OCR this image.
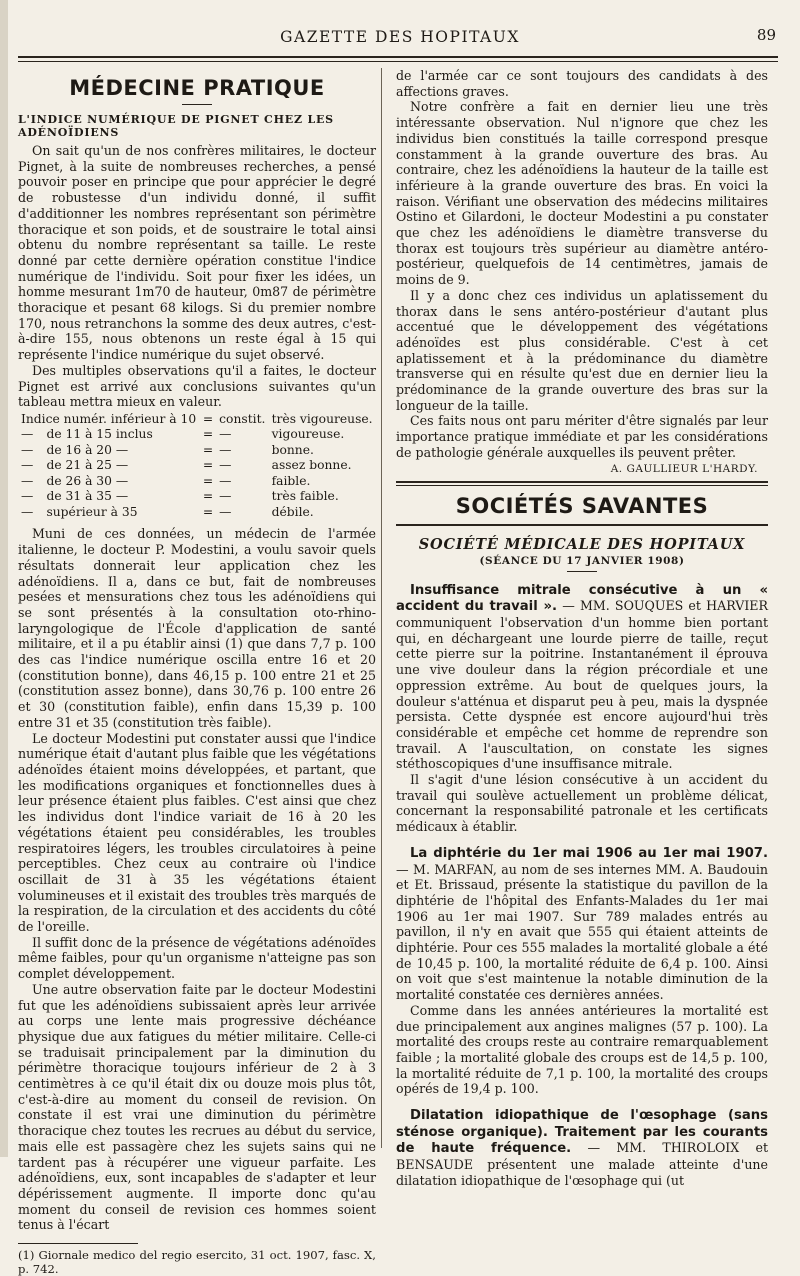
GAZETTE DES HOPITAUX	89
MÉDECINE PRATIQUE
L'INDICE NUMÉRIQUE DE PIGNET CHEZ LES ADÉNOÏDIENS

On sait qu'un de nos confrères militaires, le docteur Pignet, à la suite de nombreuses recherches, a pensé pouvoir poser en principe que pour apprécier le degré de robustesse d'un individu donné, il suffit d'additionner les nombres représentant son périmètre thoracique et son poids, et de soustraire le total ainsi obtenu du nombre représentant sa taille. Le reste donné par cette dernière opération constitue l'indice numérique de l'individu. Soit pour fixer les idées, un homme mesurant 1m70 de hauteur, 0m87 de périmètre thoracique et pesant 68 kilogs. Si du premier nombre 170, nous retranchons la somme des deux autres, c'est-à-dire 155, nous obtenons un reste égal à 15 qui représente l'indice numérique du sujet observé.

Des multiples observations qu'il a faites, le docteur Pignet est arrivé aux conclusions suivantes qu'un tableau mettra mieux en valeur.

Indice numér. inférieur à 10		=	constit.	très vigoureuse.
—	de 11 à 15 inclus	=	—	vigoureuse.
—	de 16 à 20 —	=	—	bonne.
—	de 21 à 25 —	=	—	assez bonne.
—	de 26 à 30 —	=	—	faible.
—	de 31 à 35 —	=	—	très faible.
—	supérieur à 35	=	—	débile.

Muni de ces données, un médecin de l'armée italienne, le docteur P. Modestini, a voulu savoir quels résultats donnerait leur application chez les adénoïdiens. Il a, dans ce but, fait de nombreuses pesées et mensurations chez tous les adénoïdiens qui se sont présentés à la consultation oto-rhino-laryngologique de l'École d'application de santé militaire, et il a pu établir ainsi (1) que dans 7,7 p. 100 des cas l'indice numérique oscilla entre 16 et 20 (constitution bonne), dans 46,15 p. 100 entre 21 et 25 (constitution assez bonne), dans 30,76 p. 100 entre 26 et 30 (constitution faible), enfin dans 15,39 p. 100 entre 31 et 35 (constitution très faible).

Le docteur Modestini put constater aussi que l'indice numérique était d'autant plus faible que les végétations adénoïdes étaient moins développées, et partant, que les modifications organiques et fonctionnelles dues à leur présence étaient plus faibles. C'est ainsi que chez les individus dont l'indice variait de 16 à 20 les végétations étaient peu considérables, les troubles respiratoires légers, les troubles circulatoires à peine perceptibles. Chez ceux au contraire où l'indice oscillait de 31 à 35 les végétations étaient volumineuses et il existait des troubles très marqués de la respiration, de la circulation et des accidents du côté de l'oreille.

Il suffit donc de la présence de végétations adénoïdes même faibles, pour qu'un organisme n'atteigne pas son complet développement.

Une autre observation faite par le docteur Modestini fut que les adénoïdiens subissaient après leur arrivée au corps une lente mais progressive déchéance physique due aux fatigues du métier militaire. Celle-ci se traduisait principalement par la diminution du périmètre thoracique toujours inférieur de 2 à 3 centimètres à ce qu'il était dix ou douze mois plus tôt, c'est-à-dire au moment du conseil de revision. On constate il est vrai une diminution du périmètre thoracique chez toutes les recrues au début du service, mais elle est passagère chez les sujets sains qui ne tardent pas à récupérer une vigueur parfaite. Les adénoïdiens, eux, sont incapables de s'adapter et leur dépérissement augmente. Il importe donc qu'au moment du conseil de revision ces hommes soient tenus à l'écart

(1) Giornale medico del regio esercito, 31 oct. 1907, fasc. X, p. 742.

de l'armée car ce sont toujours des candidats à des affections graves.

Notre confrère a fait en dernier lieu une très intéressante observation. Nul n'ignore que chez les individus bien constitués la taille correspond presque constamment à la grande ouverture des bras. Au contraire, chez les adénoïdiens la hauteur de la taille est inférieure à la grande ouverture des bras. En voici la raison. Vérifiant une observation des médecins militaires Ostino et Gilardoni, le docteur Modestini a pu constater que chez les adénoïdiens le diamètre transverse du thorax est toujours très supérieur au diamètre antéro-postérieur, quelquefois de 14 centimètres, jamais de moins de 9.

Il y a donc chez ces individus un aplatissement du thorax dans le sens antéro-postérieur d'autant plus accentué que le développement des végétations adénoïdes est plus considérable. C'est à cet aplatissement et à la prédominance du diamètre transverse qui en résulte qu'est due en dernier lieu la prédominance de la grande ouverture des bras sur la longueur de la taille.

Ces faits nous ont paru mériter d'être signalés par leur importance pratique immédiate et par les considérations de pathologie générale auxquelles ils peuvent prêter.

A. GAULLIEUR L'HARDY.
SOCIÉTÉS SAVANTES
SOCIÉTÉ MÉDICALE DES HOPITAUX
(SÉANCE DU 17 JANVIER 1908)

Insuffisance mitrale consécutive à un « accident du travail ». — MM. SOUQUES et HARVIER communiquent l'observation d'un homme bien portant qui, en déchargeant une lourde pierre de taille, reçut cette pierre sur la poitrine. Instantanément il éprouva une vive douleur dans la région précordiale et une oppression extrême. Au bout de quelques jours, la douleur s'atténua et disparut peu à peu, mais la dyspnée persista. Cette dyspnée est encore aujourd'hui très considérable et empêche cet homme de reprendre son travail. A l'auscultation, on constate les signes stéthoscopiques d'une insuffisance mitrale.

Il s'agit d'une lésion consécutive à un accident du travail qui soulève actuellement un problème délicat, concernant la responsabilité patronale et les certificats médicaux à établir.

La diphtérie du 1er mai 1906 au 1er mai 1907. — M. MARFAN, au nom de ses internes MM. A. Baudouin et Et. Brissaud, présente la statistique du pavillon de la diphtérie de l'hôpital des Enfants-Malades du 1er mai 1906 au 1er mai 1907. Sur 789 malades entrés au pavillon, il n'y en avait que 555 qui étaient atteints de diphtérie. Pour ces 555 malades la mortalité globale a été de 10,45 p. 100, la mortalité réduite de 6,4 p. 100. Ainsi on voit que s'est maintenue la notable diminution de la mortalité constatée ces dernières années.

Comme dans les années antérieures la mortalité est due principalement aux angines malignes (57 p. 100). La mortalité des croups reste au contraire remarquablement faible ; la mortalité globale des croups est de 14,5 p. 100, la mortalité réduite de 7,1 p. 100, la mortalité des croups opérés de 19,4 p. 100.

Dilatation idiopathique de l'œsophage (sans sténose organique). Traitement par les courants de haute fréquence. — MM. THIROLOIX et BENSAUDE présentent une malade atteinte d'une dilatation idiopathique de l'œsophage qui (ut
